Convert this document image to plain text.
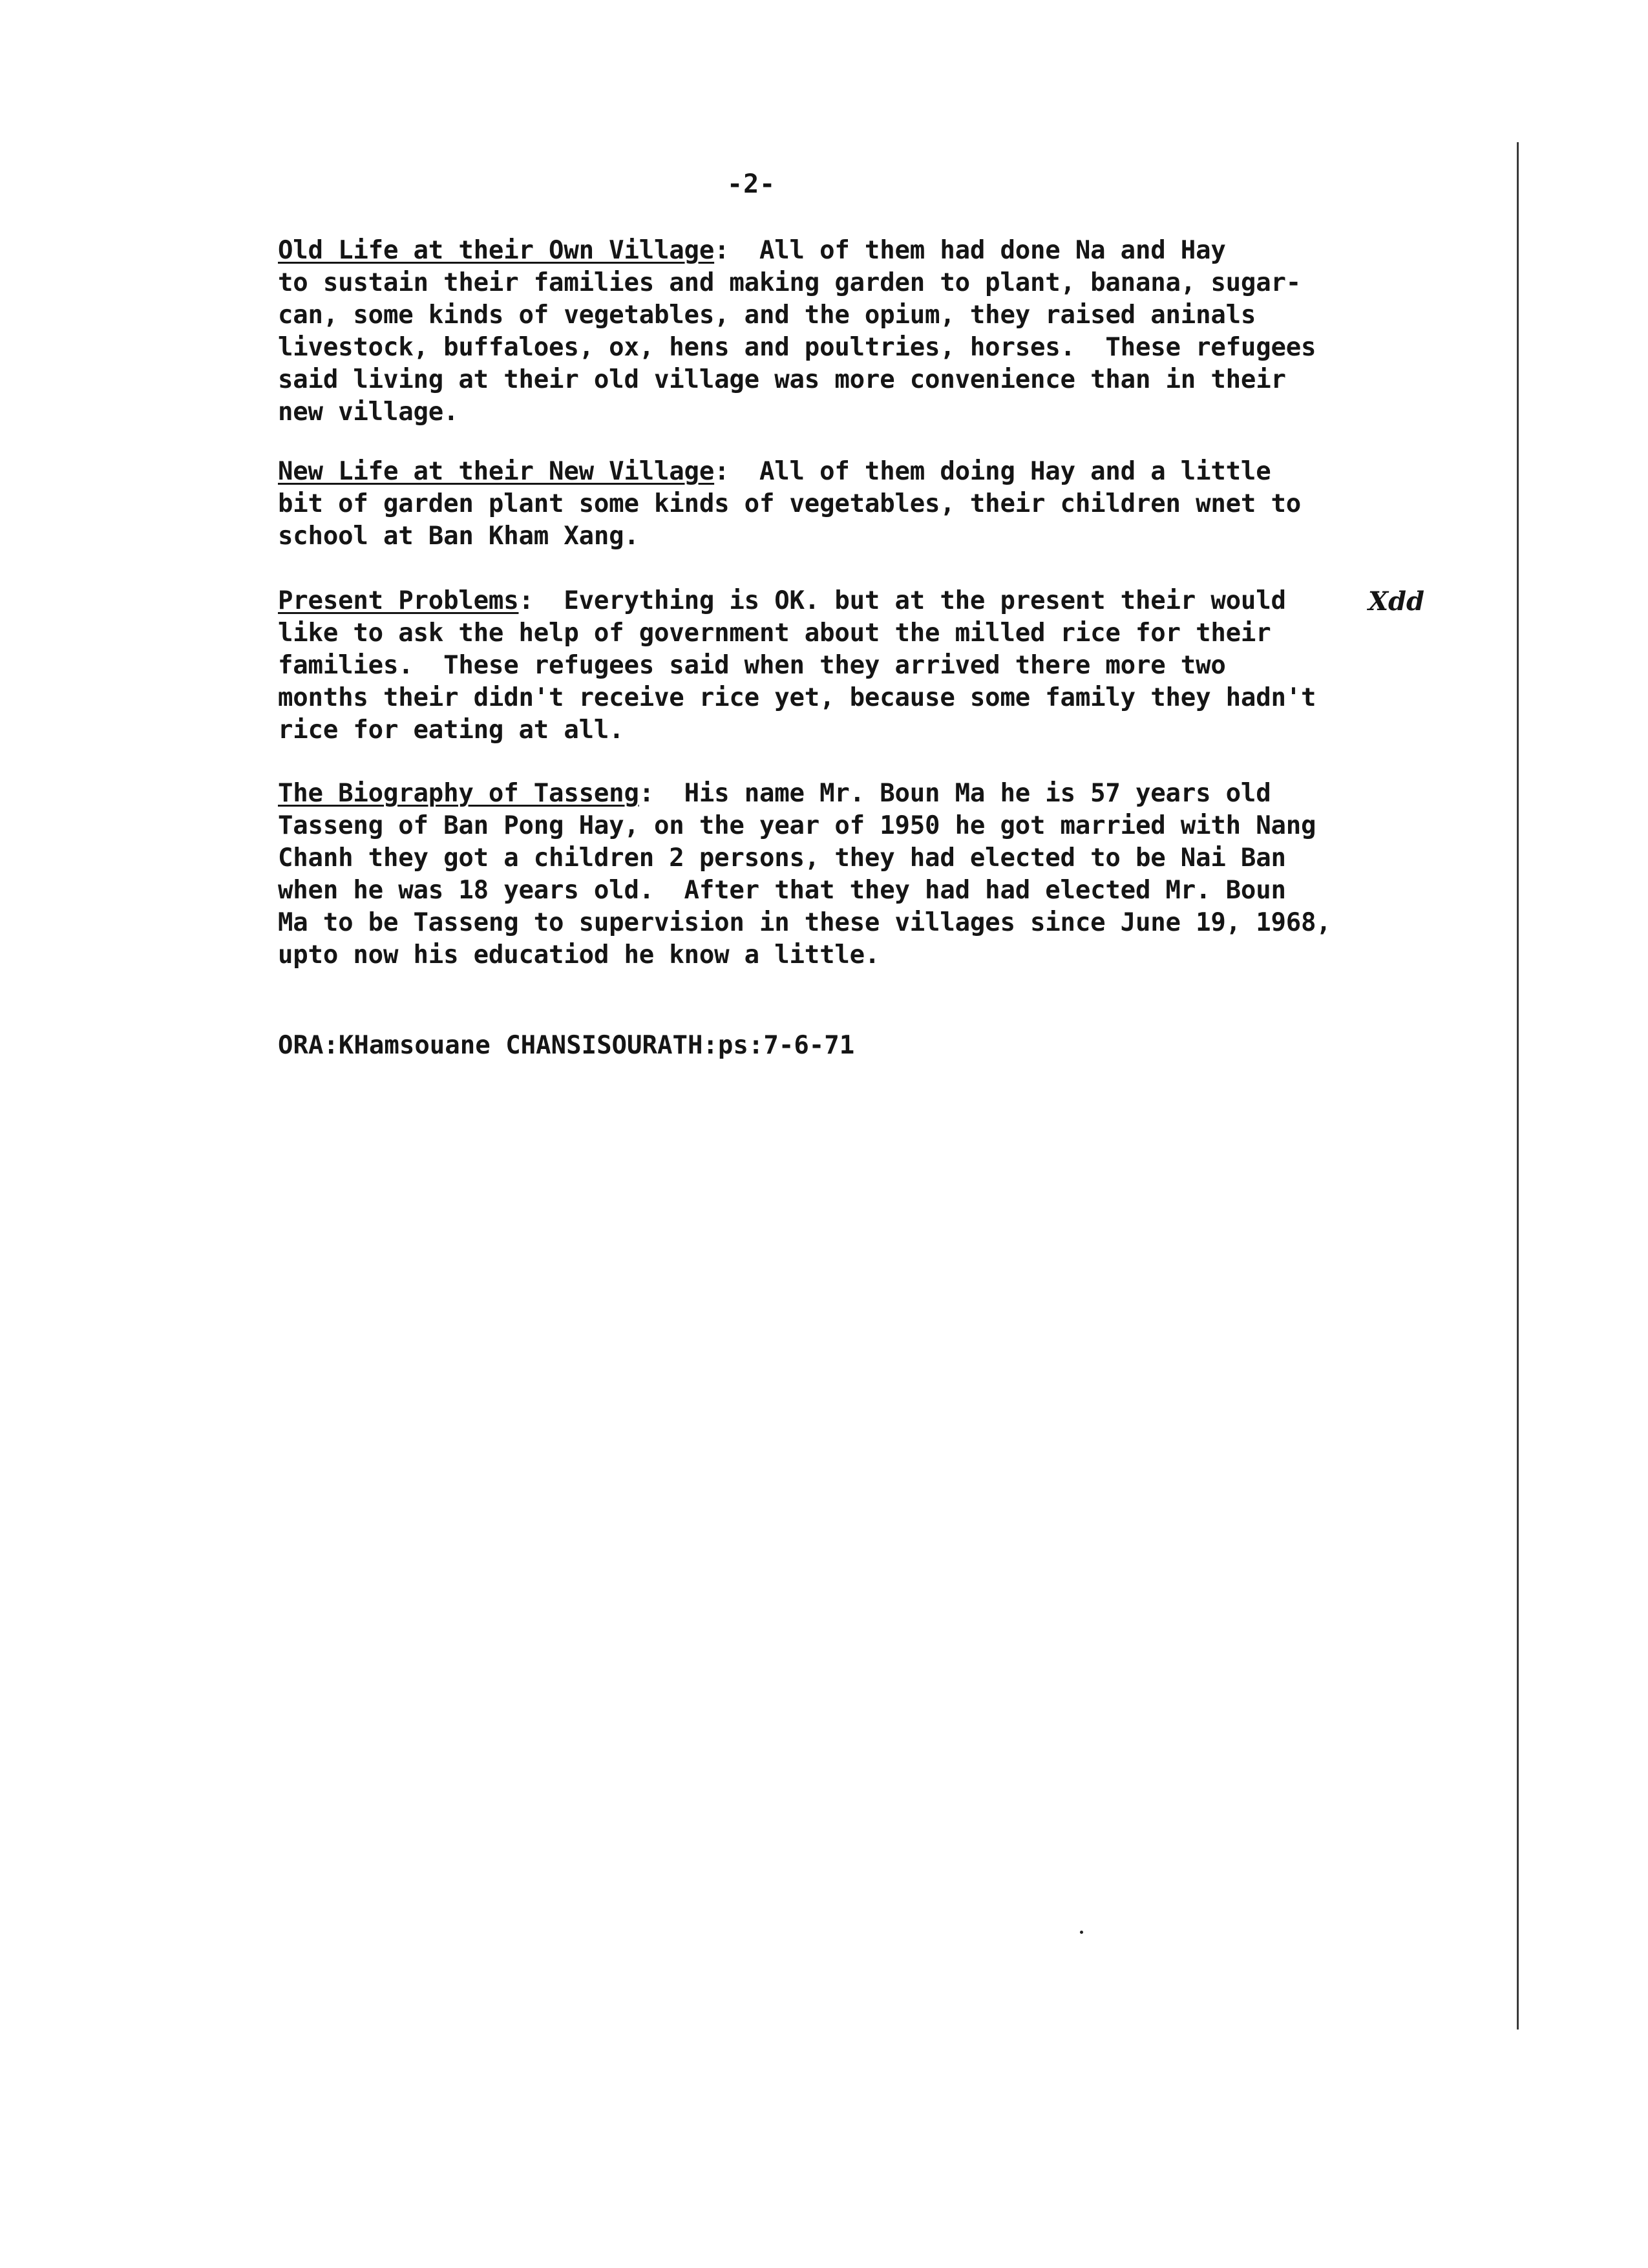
-2-
Old Life at their Own Village:  All of them had done Na and Hay
to sustain their families and making garden to plant, banana, sugar-
can, some kinds of vegetables, and the opium, they raised aninals
livestock, buffaloes, ox, hens and poultries, horses.  These refugees
said living at their old village was more convenience than in their
new village.
New Life at their New Village:  All of them doing Hay and a little
bit of garden plant some kinds of vegetables, their children wnet to
school at Ban Kham Xang.
Present Problems:  Everything is OK. but at the present their would
like to ask the help of government about the milled rice for their
families.  These refugees said when they arrived there more two
months their didn't receive rice yet, because some family they hadn't
rice for eating at all.
The Biography of Tasseng:  His name Mr. Boun Ma he is 57 years old
Tasseng of Ban Pong Hay, on the year of 1950 he got married with Nang
Chanh they got a children 2 persons, they had elected to be Nai Ban
when he was 18 years old.  After that they had had elected Mr. Boun
Ma to be Tasseng to supervision in these villages since June 19, 1968,
upto now his educatiod he know a little.
Xdd
ORA:KHamsouane CHANSISOURATH:ps:7-6-71
